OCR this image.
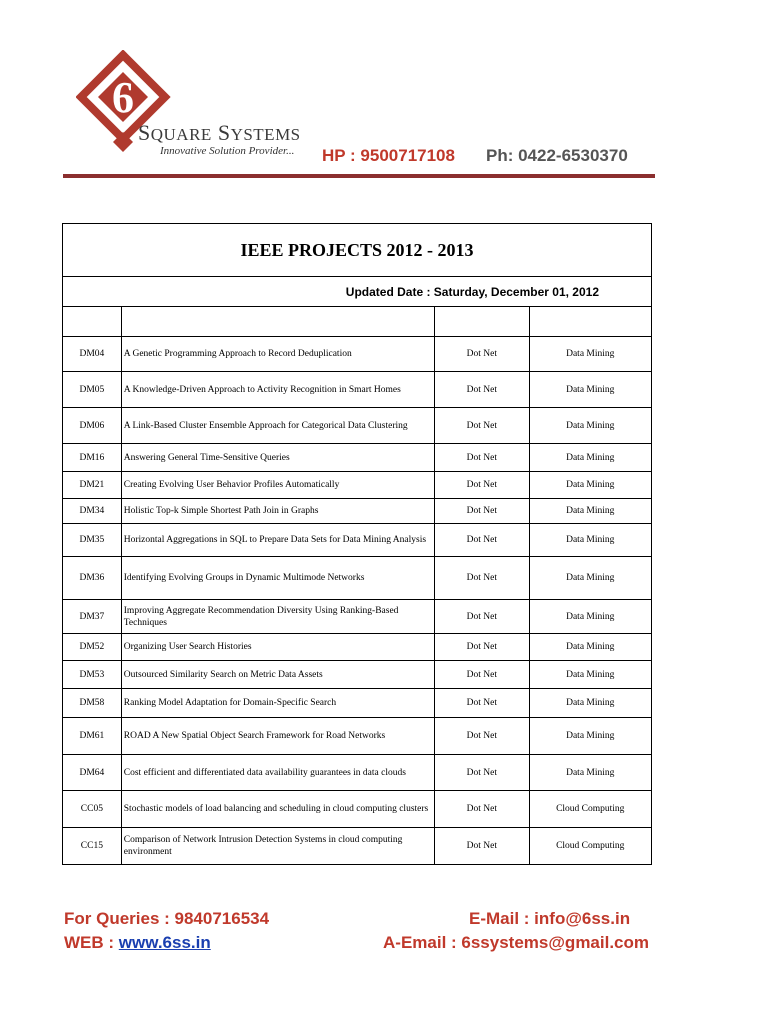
6
SQUARE SYSTEMS
Innovative Solution Provider... HP : 9500717108 Ph: 0422-6530370
IEEE PROJECTS 2012 - 2013			
Updated Date : Saturday, December 01, 2012			

DM04	A Genetic Programming Approach to Record Deduplication	Dot Net	Data Mining
DM05	A Knowledge-Driven Approach to Activity Recognition in Smart Homes	Dot Net	Data Mining
DM06	A Link-Based Cluster Ensemble Approach for Categorical Data Clustering	Dot Net	Data Mining
DM16	Answering General Time-Sensitive Queries	Dot Net	Data Mining
DM21	Creating Evolving User Behavior Profiles Automatically	Dot Net	Data Mining
DM34	Holistic Top-k Simple Shortest Path Join in Graphs	Dot Net	Data Mining
DM35	Horizontal Aggregations in SQL to Prepare Data Sets for Data Mining Analysis	Dot Net	Data Mining
DM36	Identifying Evolving Groups in Dynamic Multimode Networks	Dot Net	Data Mining
DM37	Improving Aggregate Recommendation Diversity Using Ranking-Based Techniques	Dot Net	Data Mining
DM52	Organizing User Search Histories	Dot Net	Data Mining
DM53	Outsourced Similarity Search on Metric Data Assets	Dot Net	Data Mining
DM58	Ranking Model Adaptation for Domain-Specific Search	Dot Net	Data Mining
DM61	ROAD A New Spatial Object Search Framework for Road Networks	Dot Net	Data Mining
DM64	Cost efficient and differentiated data availability guarantees in data clouds	Dot Net	Data Mining
CC05	Stochastic models of load balancing and scheduling in cloud computing clusters	Dot Net	Cloud Computing
CC15	Comparison of Network Intrusion Detection Systems in cloud computing environment	Dot Net	Cloud Computing
For Queries : 9840716534
WEB : www.6ss.in
E-Mail : info@6ss.in
A-Email : 6ssystems@gmail.com
